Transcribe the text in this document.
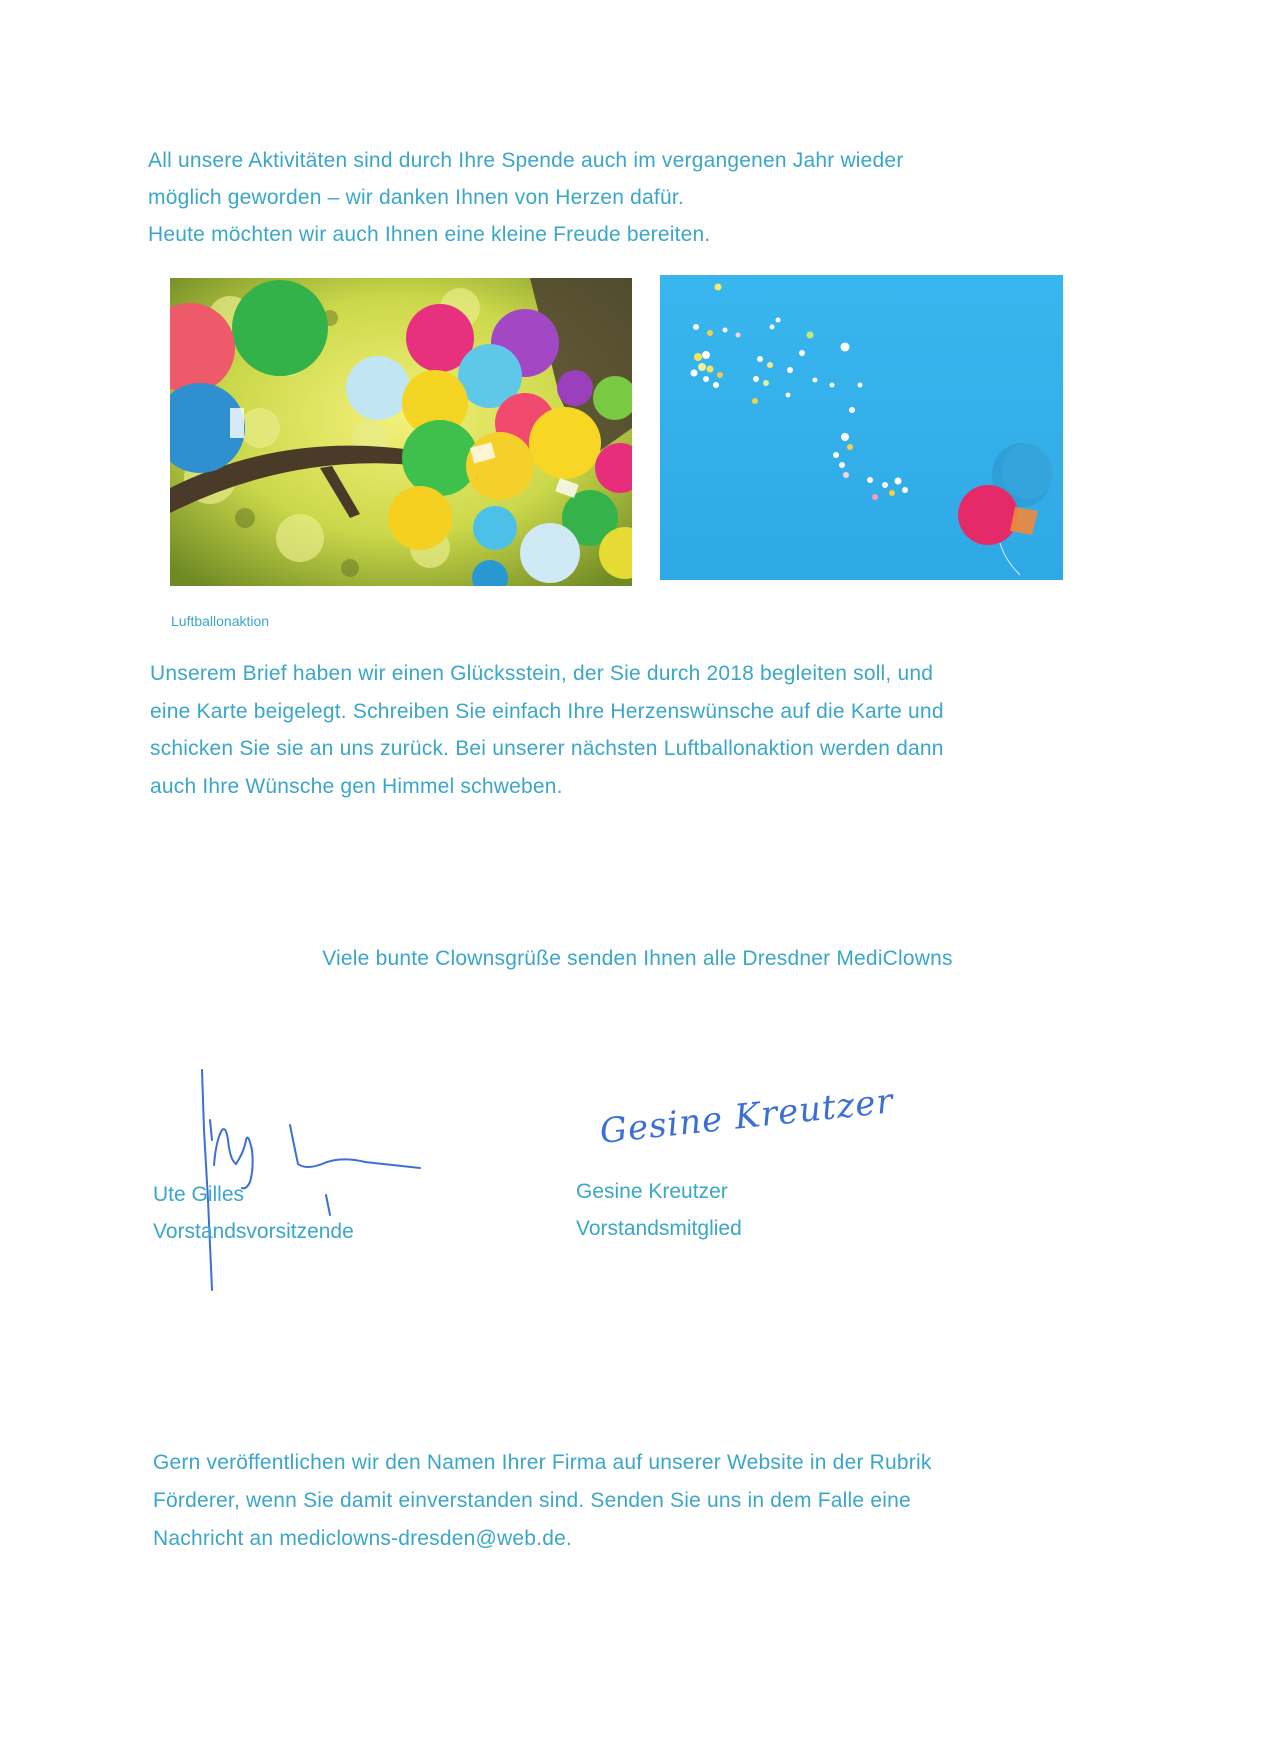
All unsere Aktivitäten sind durch Ihre Spende auch im vergangenen Jahr wieder

möglich geworden – wir danken Ihnen von Herzen dafür.

Heute möchten wir auch Ihnen eine kleine Freude bereiten.

Luftballonaktion

Unserem Brief haben wir einen Glücksstein, der Sie durch 2018 begleiten soll, und

eine Karte beigelegt. Schreiben Sie einfach Ihre Herzenswünsche auf die Karte und

schicken Sie sie an uns zurück. Bei unserer nächsten Luftballonaktion werden dann

auch Ihre Wünsche gen Himmel schweben.

Viele bunte Clownsgrüße senden Ihnen alle Dresdner MediClowns
Ute Gilles
Vorstandsvorsitzende
Gesine Kreutzer
Gesine Kreutzer
Vorstandsmitglied

Gern veröffentlichen wir den Namen Ihrer Firma auf unserer Website in der Rubrik

Förderer, wenn Sie damit einverstanden sind. Senden Sie uns in dem Falle eine

Nachricht an mediclowns-dresden@web.de.
